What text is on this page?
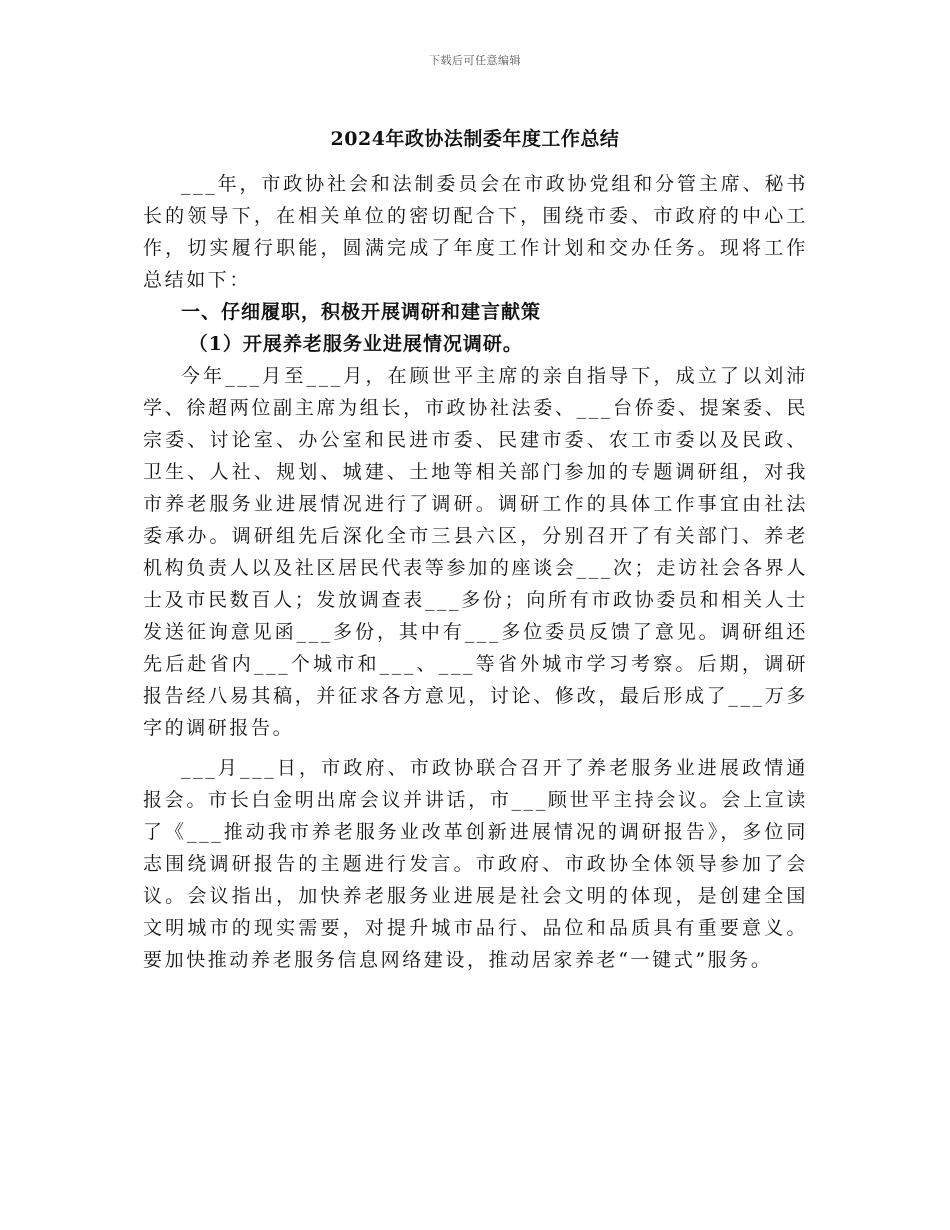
下载后可任意编辑
2024年政协法制委年度工作总结

___年，市政协社会和法制委员会在市政协党组和分管主席、秘书长的领导下，在相关单位的密切配合下，围绕市委、市政府的中心工作，切实履行职能，圆满完成了年度工作计划和交办任务。现将工作总结如下：

一、仔细履职，积极开展调研和建言献策

（1）开展养老服务业进展情况调研。

今年___月至___月，在顾世平主席的亲自指导下，成立了以刘沛学、徐超两位副主席为组长，市政协社法委、___台侨委、提案委、民宗委、讨论室、办公室和民进市委、民建市委、农工市委以及民政、卫生、人社、规划、城建、土地等相关部门参加的专题调研组，对我市养老服务业进展情况进行了调研。调研工作的具体工作事宜由社法委承办。调研组先后深化全市三县六区，分别召开了有关部门、养老机构负责人以及社区居民代表等参加的座谈会___次；走访社会各界人士及市民数百人；发放调查表___多份；向所有市政协委员和相关人士发送征询意见函___多份，其中有___多位委员反馈了意见。调研组还先后赴省内___个城市和___、___等省外城市学习考察。后期，调研报告经八易其稿，并征求各方意见，讨论、修改，最后形成了___万多字的调研报告。

___月___日，市政府、市政协联合召开了养老服务业进展政情通报会。市长白金明出席会议并讲话，市___顾世平主持会议。会上宣读了《___推动我市养老服务业改革创新进展情况的调研报告》，多位同志围绕调研报告的主题进行发言。市政府、市政协全体领导参加了会议。会议指出，加快养老服务业进展是社会文明的体现，是创建全国文明城市的现实需要，对提升城市品行、品位和品质具有重要意义。要加快推动养老服务信息网络建设，推动居家养老“一键式”服务。
